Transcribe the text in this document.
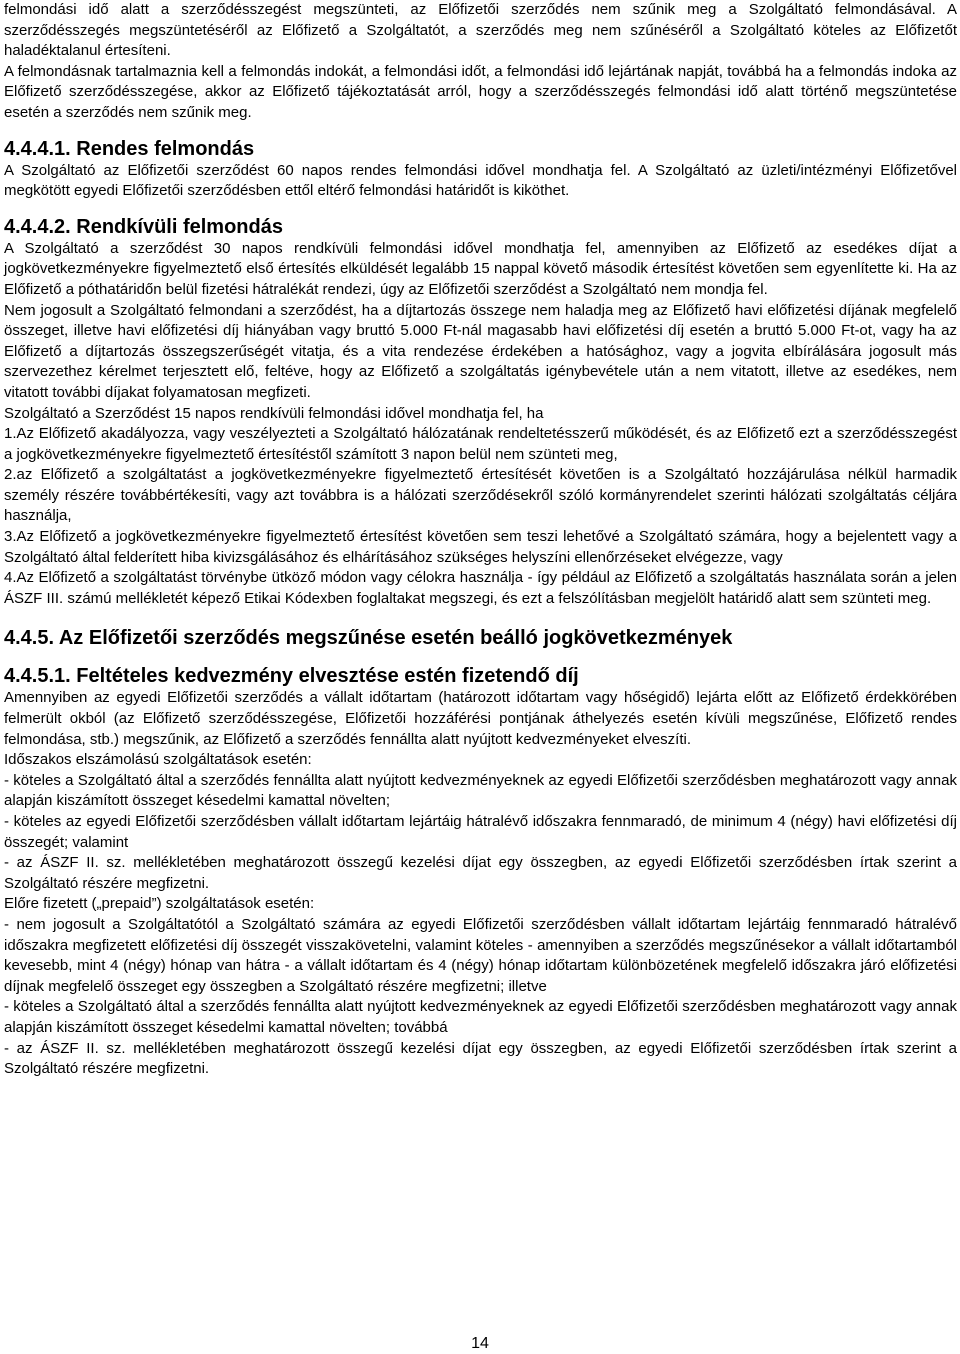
felmondási idő alatt a szerződésszegést megszünteti, az Előfizetői szerződés nem szűnik meg a Szolgáltató felmondásával. A szerződésszegés megszüntetéséről az Előfizető a Szolgáltatót, a szerződés meg nem szűnéséről a Szolgáltató köteles az Előfizetőt haladéktalanul értesíteni.

A felmondásnak tartalmaznia kell a felmondás indokát, a felmondási időt, a felmondási idő lejártának napját, továbbá ha a felmondás indoka az Előfizető szerződésszegése, akkor az Előfizető tájékoztatását arról, hogy a szerződésszegés felmondási idő alatt történő megszüntetése esetén a szerződés nem szűnik meg.

4.4.4.1. Rendes felmondás

A Szolgáltató az Előfizetői szerződést 60 napos rendes felmondási idővel mondhatja fel. A Szolgáltató az üzleti/intézményi Előfizetővel megkötött egyedi Előfizetői szerződésben ettől eltérő felmondási határidőt is kiköthet.

4.4.4.2. Rendkívüli felmondás

A Szolgáltató a szerződést 30 napos rendkívüli felmondási idővel mondhatja fel, amennyiben az Előfizető az esedékes díjat a jogkövetkezményekre figyelmeztető első értesítés elküldését legalább 15 nappal követő második értesítést követően sem egyenlítette ki. Ha az Előfizető a póthatáridőn belül fizetési hátralékát rendezi, úgy az Előfizetői szerződést a Szolgáltató nem mondja fel.

Nem jogosult a Szolgáltató felmondani a szerződést, ha a díjtartozás összege nem haladja meg az Előfizető havi előfizetési díjának megfelelő összeget, illetve havi előfizetési díj hiányában vagy bruttó 5.000 Ft-nál magasabb havi előfizetési díj esetén a bruttó 5.000 Ft-ot, vagy ha az Előfizető a díjtartozás összegszerűségét vitatja, és a vita rendezése érdekében a hatósághoz, vagy a jogvita elbírálására jogosult más szervezethez kérelmet terjesztett elő, feltéve, hogy az Előfizető a szolgáltatás igénybevétele után a nem vitatott, illetve az esedékes, nem vitatott további díjakat folyamatosan megfizeti.

Szolgáltató a Szerződést 15 napos rendkívüli felmondási idővel mondhatja fel, ha

1.Az Előfizető akadályozza, vagy veszélyezteti a Szolgáltató hálózatának rendeltetésszerű működését, és az Előfizető ezt a szerződésszegést a jogkövetkezményekre figyelmeztető értesítéstől számított 3 napon belül nem szünteti meg,

2.az Előfizető a szolgáltatást a jogkövetkezményekre figyelmeztető értesítését követően is a Szolgáltató hozzájárulása nélkül harmadik személy részére továbbértékesíti, vagy azt továbbra is a hálózati szerződésekről szóló kormányrendelet szerinti hálózati szolgáltatás céljára használja,

3.Az Előfizető a jogkövetkezményekre figyelmeztető értesítést követően sem teszi lehetővé a Szolgáltató számára, hogy a bejelentett vagy a Szolgáltató által felderített hiba kivizsgálásához és elhárításához szükséges helyszíni ellenőrzéseket elvégezze, vagy

4.Az Előfizető a szolgáltatást törvénybe ütköző módon vagy célokra használja - így például az Előfizető a szolgáltatás használata során a jelen ÁSZF III. számú mellékletét képező Etikai Kódexben foglaltakat megszegi, és ezt a felszólításban megjelölt határidő alatt sem szünteti meg.

4.4.5. Az Előfizetői szerződés megszűnése esetén beálló jogkövetkezmények
4.4.5.1. Feltételes kedvezmény elvesztése estén fizetendő díj

Amennyiben az egyedi Előfizetői szerződés a vállalt időtartam (határozott időtartam vagy hőségidő) lejárta előtt az Előfizető érdekkörében felmerült okból (az Előfizető szerződésszegése, Előfizetői hozzáférési pontjának áthelyezés esetén kívüli megszűnése, Előfizető rendes felmondása, stb.) megszűnik, az Előfizető a szerződés fennállta alatt nyújtott kedvezményeket elveszíti.

Időszakos elszámolású szolgáltatások esetén:

- köteles a Szolgáltató által a szerződés fennállta alatt nyújtott kedvezményeknek az egyedi Előfizetői szerződésben meghatározott vagy annak alapján kiszámított összeget késedelmi kamattal növelten;

- köteles az egyedi Előfizetői szerződésben vállalt időtartam lejártáig hátralévő időszakra fennmaradó, de minimum 4 (négy) havi előfizetési díj összegét; valamint

- az ÁSZF II. sz. mellékletében meghatározott összegű kezelési díjat egy összegben, az egyedi Előfizetői szerződésben írtak szerint a Szolgáltató részére megfizetni.

Előre fizetett („prepaid”) szolgáltatások esetén:

- nem jogosult a Szolgáltatótól a Szolgáltató számára az egyedi Előfizetői szerződésben vállalt időtartam lejártáig fennmaradó hátralévő időszakra megfizetett előfizetési díj összegét visszakövetelni, valamint köteles - amennyiben a szerződés megszűnésekor a vállalt időtartamból kevesebb, mint 4 (négy) hónap van hátra - a vállalt időtartam és 4 (négy) hónap időtartam különbözetének megfelelő időszakra járó előfizetési díjnak megfelelő összeget egy összegben a Szolgáltató részére megfizetni; illetve

- köteles a Szolgáltató által a szerződés fennállta alatt nyújtott kedvezményeknek az egyedi Előfizetői szerződésben meghatározott vagy annak alapján kiszámított összeget késedelmi kamattal növelten; továbbá

- az ÁSZF II. sz. mellékletében meghatározott összegű kezelési díjat egy összegben, az egyedi Előfizetői szerződésben írtak szerint a Szolgáltató részére megfizetni.

14
